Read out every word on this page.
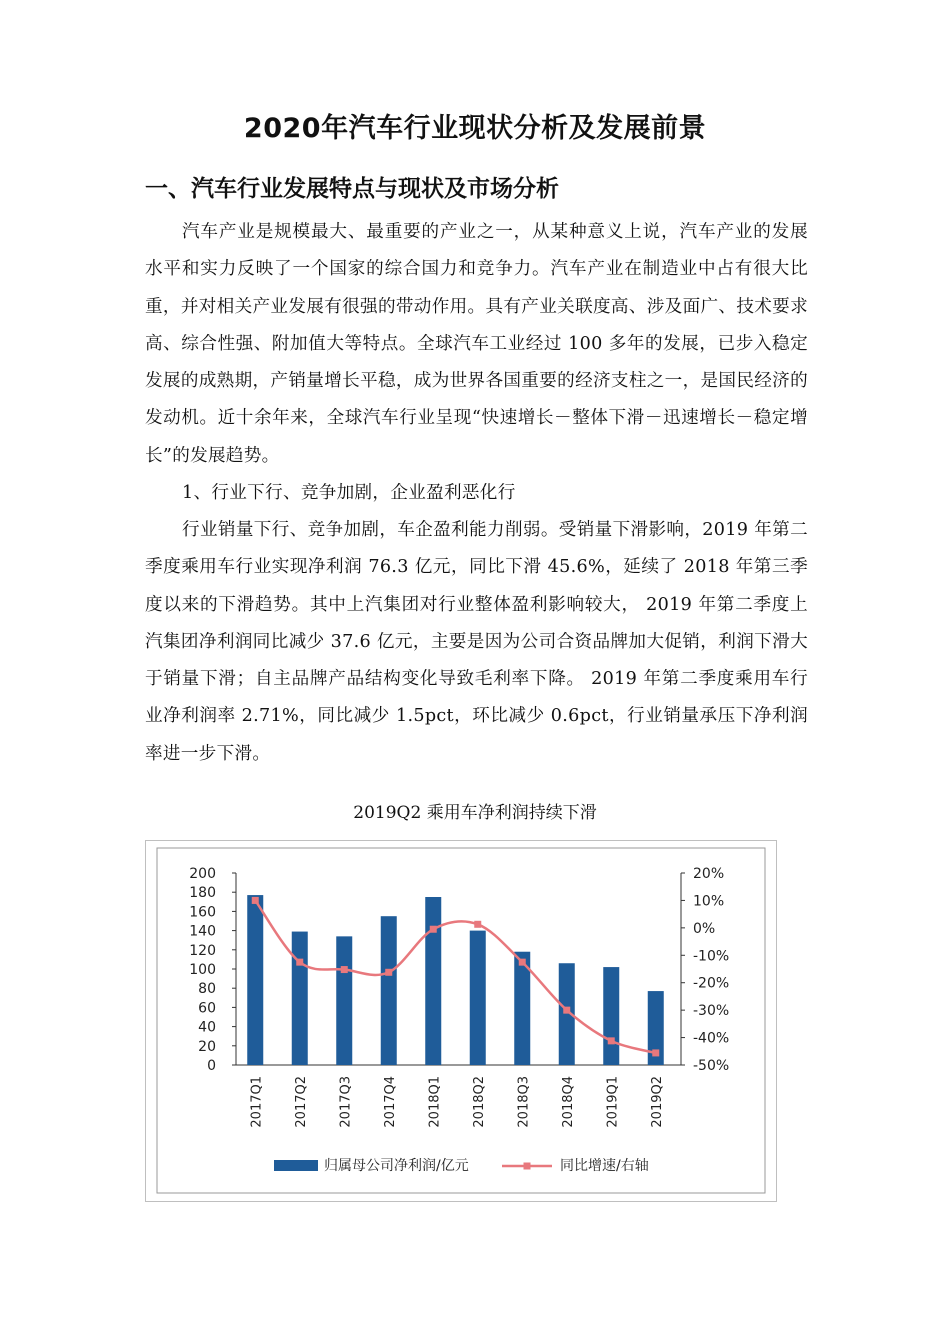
2020年汽车行业现状分析及发展前景
一、汽车行业发展特点与现状及市场分析

汽车产业是规模最大、最重要的产业之一，从某种意义上说，汽车产业的发展水平和实力反映了一个国家的综合国力和竞争力。汽车产业在制造业中占有很大比重，并对相关产业发展有很强的带动作用。具有产业关联度高、涉及面广、技术要求高、综合性强、附加值大等特点。全球汽车工业经过 100 多年的发展，已步入稳定发展的成熟期，产销量增长平稳，成为世界各国重要的经济支柱之一，是国民经济的发动机。近十余年来，全球汽车行业呈现“快速增长－整体下滑－迅速增长－稳定增长”的发展趋势。

1、行业下行、竞争加剧，企业盈利恶化行

行业销量下行、竞争加剧，车企盈利能力削弱。受销量下滑影响，2019 年第二季度乘用车行业实现净利润 76.3 亿元，同比下滑 45.6%，延续了 2018 年第三季度以来的下滑趋势。其中上汽集团对行业整体盈利影响较大， 2019 年第二季度上汽集团净利润同比减少 37.6 亿元，主要是因为公司合资品牌加大促销，利润下滑大于销量下滑；自主品牌产品结构变化导致毛利率下降。 2019 年第二季度乘用车行业净利润率 2.71%，同比减少 1.5pct，环比减少 0.6pct，行业销量承压下净利润率进一步下滑。

2019Q2 乘用车净利润持续下滑

0
20
40
60
80
100
120
140
160
180
200
-50%
-40%
-30%
-20%
-10%
0%
10%
20%
2017Q1 2017Q2 2017Q3 2017Q4 2018Q1 2018Q2 2018Q3 2018Q4 2019Q1 2019Q2
归属母公司净利润/亿元	同比增速/右轴
